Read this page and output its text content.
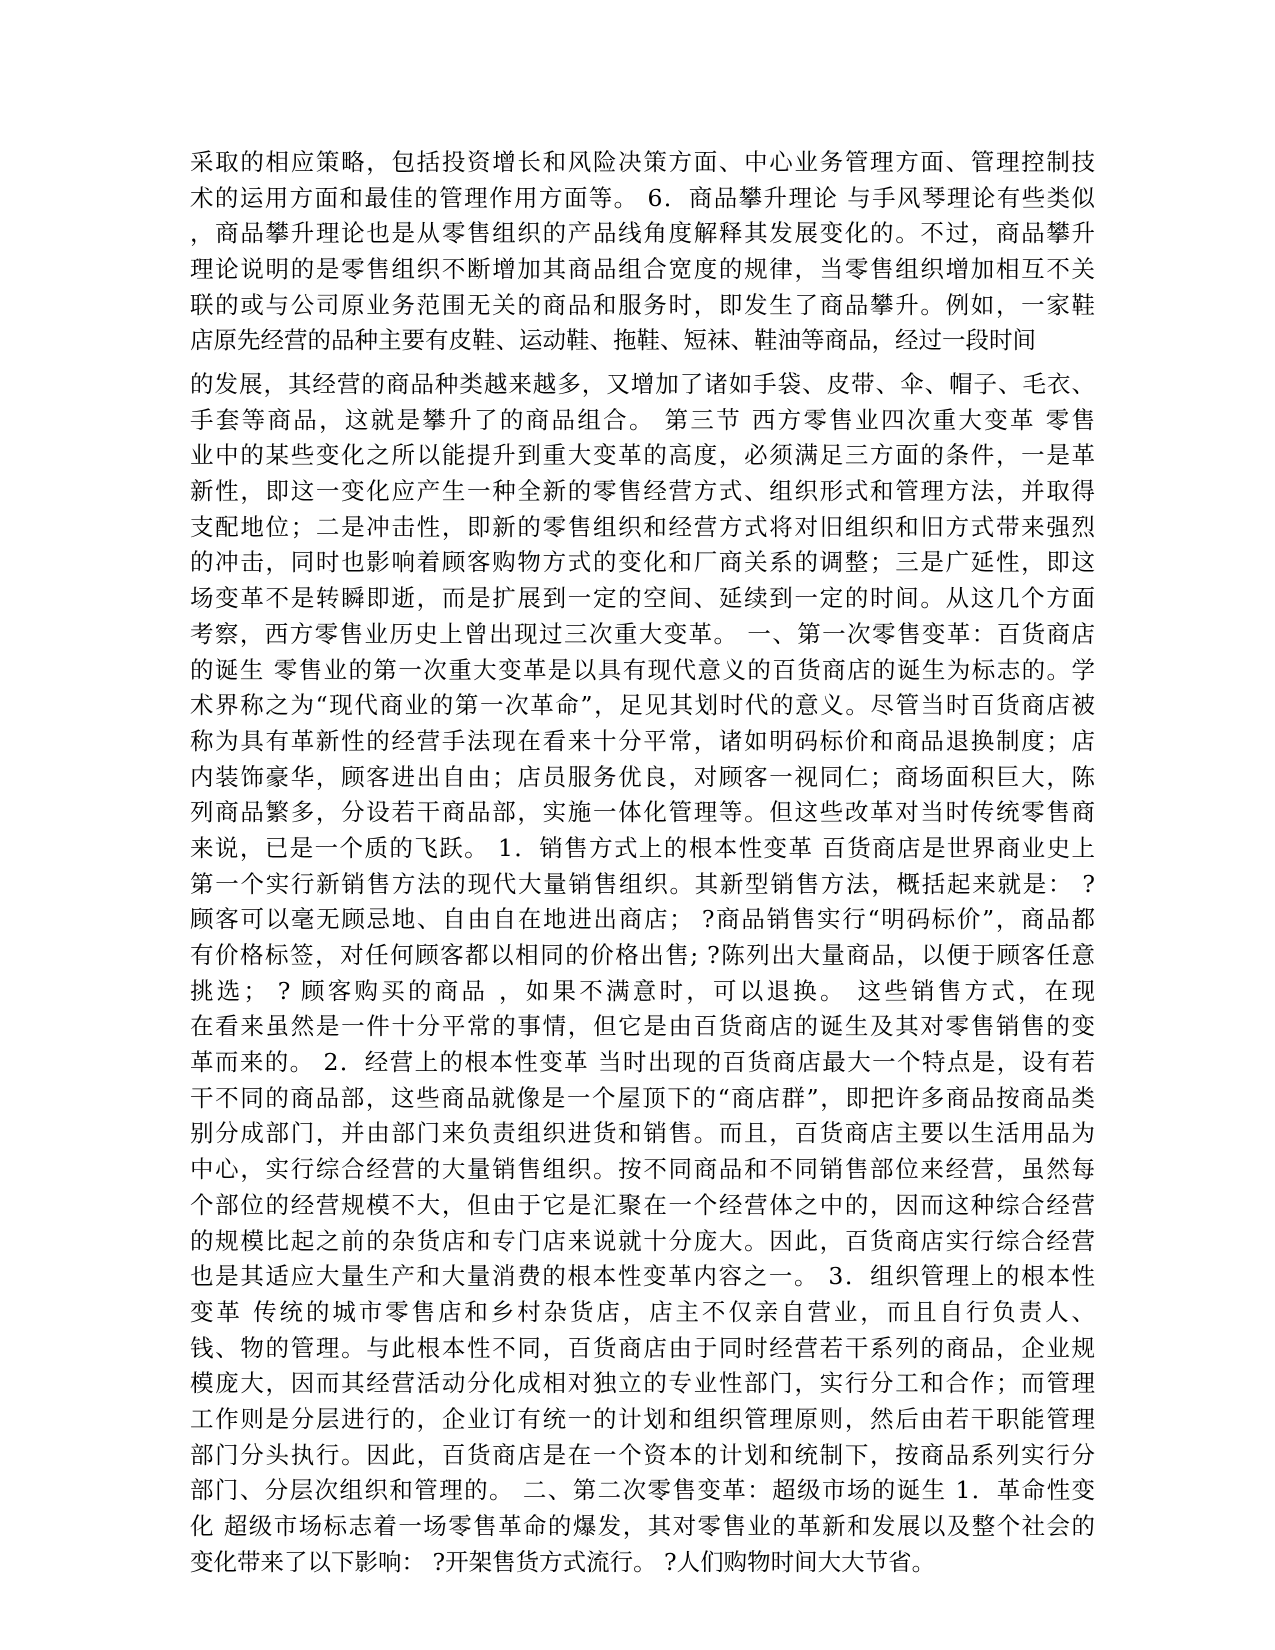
采取的相应策略，包括投资增长和风险决策方面、中心业务管理方面、管理控制技
术的运用方面和最佳的管理作用方面等。 6．商品攀升理论 与手风琴理论有些类似
，商品攀升理论也是从零售组织的产品线角度解释其发展变化的。不过，商品攀升
理论说明的是零售组织不断增加其商品组合宽度的规律，当零售组织增加相互不关
联的或与公司原业务范围无关的商品和服务时，即发生了商品攀升。例如，一家鞋
店原先经营的品种主要有皮鞋、运动鞋、拖鞋、短袜、鞋油等商品，经过一段时间
的发展，其经营的商品种类越来越多，又增加了诸如手袋、皮带、伞、帽子、毛衣、
手套等商品，这就是攀升了的商品组合。 第三节 西方零售业四次重大变革 零售
业中的某些变化之所以能提升到重大变革的高度，必须满足三方面的条件，一是革
新性，即这一变化应产生一种全新的零售经营方式、组织形式和管理方法，并取得
支配地位；二是冲击性，即新的零售组织和经营方式将对旧组织和旧方式带来强烈
的冲击，同时也影响着顾客购物方式的变化和厂商关系的调整；三是广延性，即这
场变革不是转瞬即逝，而是扩展到一定的空间、延续到一定的时间。从这几个方面
考察，西方零售业历史上曾出现过三次重大变革。 一、第一次零售变革：百货商店
的诞生 零售业的第一次重大变革是以具有现代意义的百货商店的诞生为标志的。学
术界称之为“现代商业的第一次革命”，足见其划时代的意义。尽管当时百货商店被
称为具有革新性的经营手法现在看来十分平常，诸如明码标价和商品退换制度；店
内装饰豪华，顾客进出自由；店员服务优良，对顾客一视同仁；商场面积巨大，陈
列商品繁多，分设若干商品部，实施一体化管理等。但这些改革对当时传统零售商
来说，已是一个质的飞跃。 1．销售方式上的根本性变革 百货商店是世界商业史上
第一个实行新销售方法的现代大量销售组织。其新型销售方法，概括起来就是： ?
顾客可以毫无顾忌地、自由自在地进出商店； ?商品销售实行“明码标价”，商品都
有价格标签，对任何顾客都以相同的价格出售; ?陈列出大量商品，以便于顾客任意
挑选； ? 顾客购买的商品 ，如果不满意时，可以退换。 这些销售方式，在现
在看来虽然是一件十分平常的事情，但它是由百货商店的诞生及其对零售销售的变
革而来的。 2．经营上的根本性变革 当时出现的百货商店最大一个特点是，设有若
干不同的商品部，这些商品就像是一个屋顶下的“商店群”，即把许多商品按商品类
别分成部门，并由部门来负责组织进货和销售。而且，百货商店主要以生活用品为
中心，实行综合经营的大量销售组织。按不同商品和不同销售部位来经营，虽然每
个部位的经营规模不大，但由于它是汇聚在一个经营体之中的，因而这种综合经营
的规模比起之前的杂货店和专门店来说就十分庞大。因此，百货商店实行综合经营
也是其适应大量生产和大量消费的根本性变革内容之一。 3．组织管理上的根本性
变革 传统的城市零售店和乡村杂货店，店主不仅亲自营业，而且自行负责人、
钱、物的管理。与此根本性不同，百货商店由于同时经营若干系列的商品，企业规
模庞大，因而其经营活动分化成相对独立的专业性部门，实行分工和合作；而管理
工作则是分层进行的，企业订有统一的计划和组织管理原则，然后由若干职能管理
部门分头执行。因此，百货商店是在一个资本的计划和统制下，按商品系列实行分
部门、分层次组织和管理的。 二、第二次零售变革：超级市场的诞生 1．革命性变
化 超级市场标志着一场零售革命的爆发，其对零售业的革新和发展以及整个社会的
变化带来了以下影响： ?开架售货方式流行。 ?人们购物时间大大节省。
